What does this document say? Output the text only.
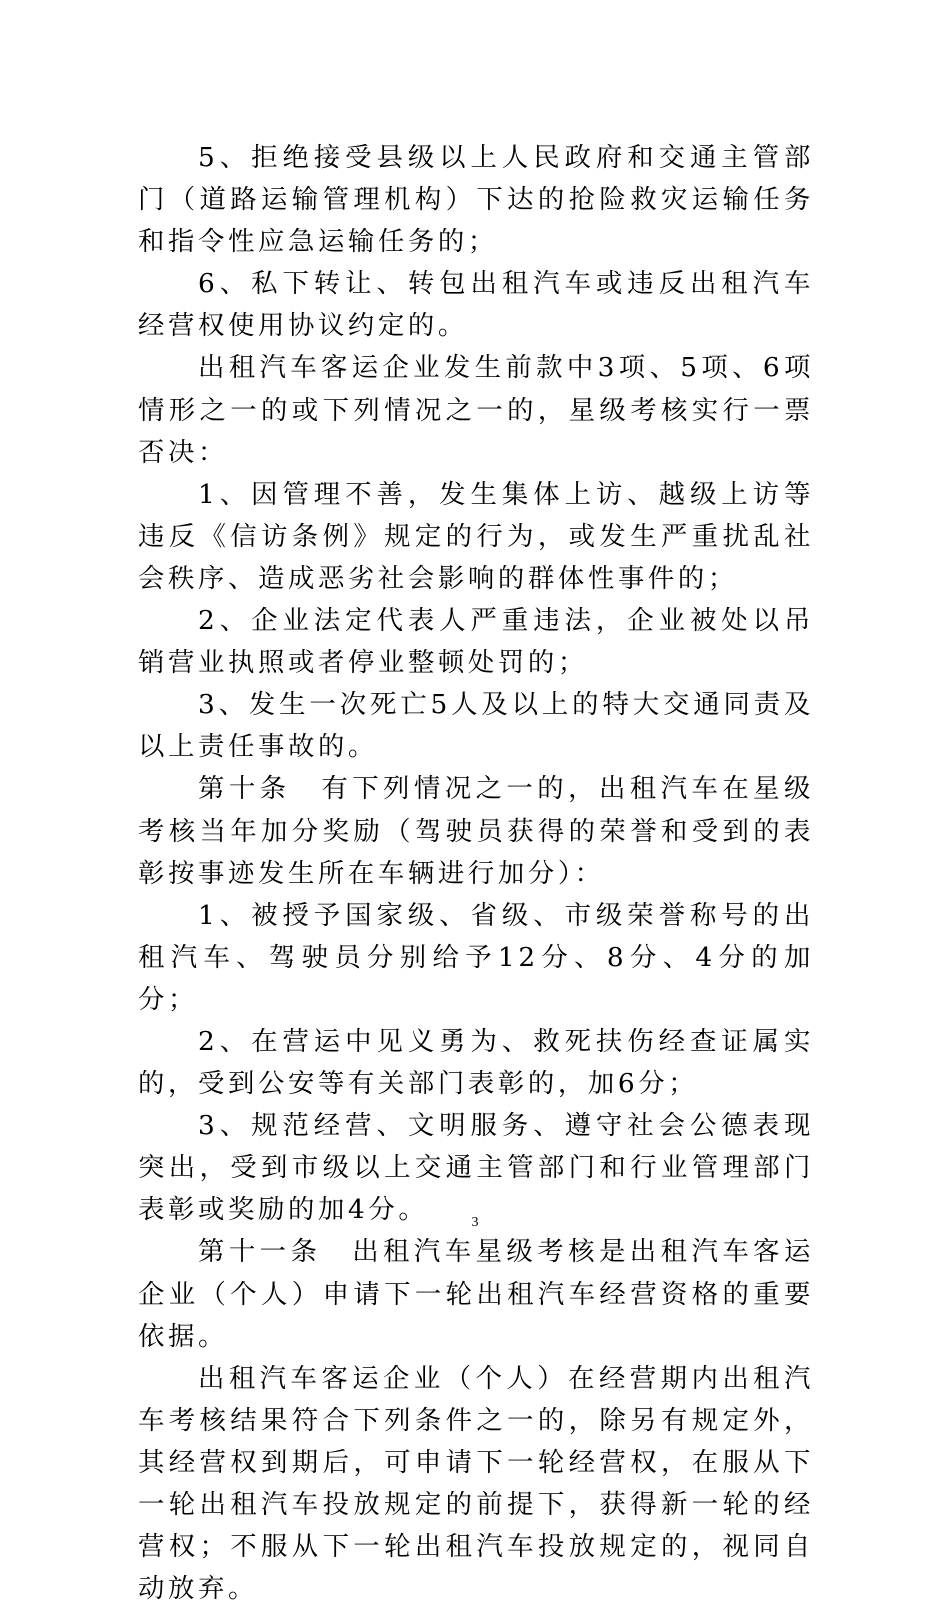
5、拒绝接受县级以上人民政府和交通主管部门（道路运输管理机构）下达的抢险救灾运输任务和指令性应急运输任务的；

6、私下转让、转包出租汽车或违反出租汽车经营权使用协议约定的。

出租汽车客运企业发生前款中3项、5项、6项情形之一的或下列情况之一的，星级考核实行一票否决：

1、因管理不善，发生集体上访、越级上访等违反《信访条例》规定的行为，或发生严重扰乱社会秩序、造成恶劣社会影响的群体性事件的；

2、企业法定代表人严重违法，企业被处以吊销营业执照或者停业整顿处罚的；

3、发生一次死亡5人及以上的特大交通同责及以上责任事故的。

第十条　有下列情况之一的，出租汽车在星级考核当年加分奖励（驾驶员获得的荣誉和受到的表彰按事迹发生所在车辆进行加分）：

1、被授予国家级、省级、市级荣誉称号的出租汽车、驾驶员分别给予12分、8分、4分的加分；

2、在营运中见义勇为、救死扶伤经查证属实的，受到公安等有关部门表彰的，加6分；

3、规范经营、文明服务、遵守社会公德表现突出，受到市级以上交通主管部门和行业管理部门表彰或奖励的加4分。

第十一条　出租汽车星级考核是出租汽车客运企业（个人）申请下一轮出租汽车经营资格的重要依据。

出租汽车客运企业（个人）在经营期内出租汽车考核结果符合下列条件之一的，除另有规定外，其经营权到期后，可申请下一轮经营权，在服从下一轮出租汽车投放规定的前提下，获得新一轮的经营权；不服从下一轮出租汽车投放规定的，视同自动放弃。

3
